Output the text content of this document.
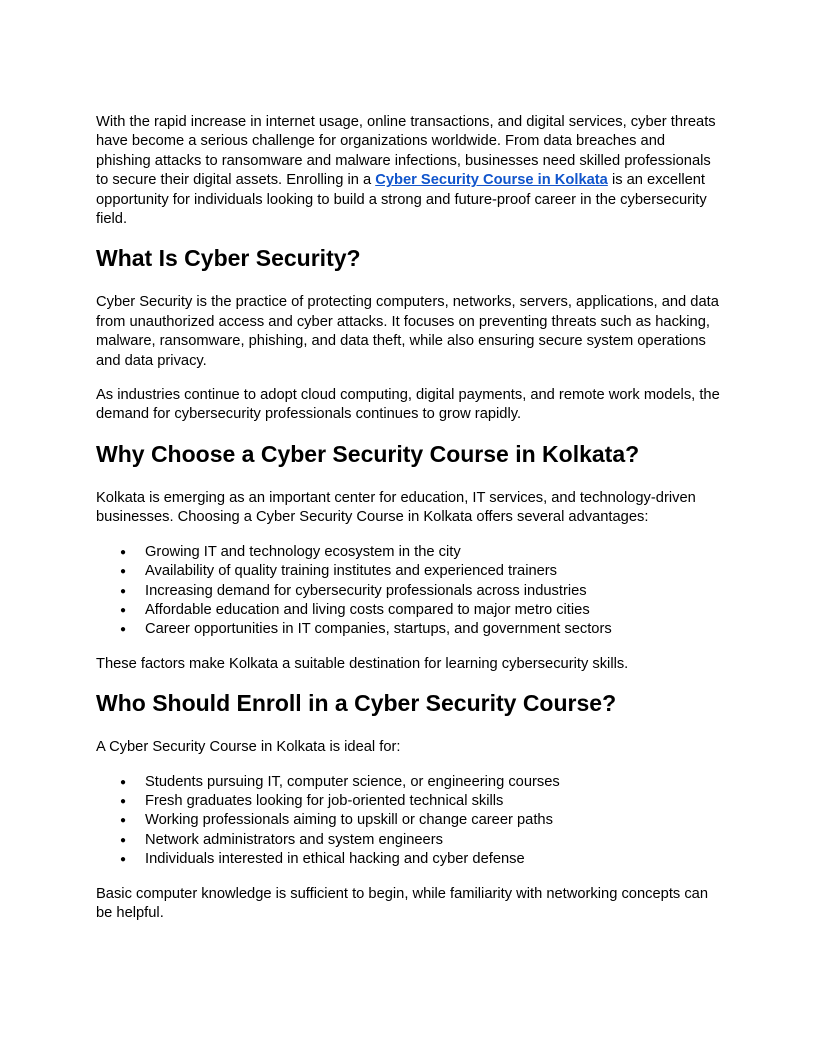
With the rapid increase in internet usage, online transactions, and digital services, cyber threats have become a serious challenge for organizations worldwide. From data breaches and phishing attacks to ransomware and malware infections, businesses need skilled professionals to secure their digital assets. Enrolling in a Cyber Security Course in Kolkata is an excellent opportunity for individuals looking to build a strong and future-proof career in the cybersecurity field.

What Is Cyber Security?

Cyber Security is the practice of protecting computers, networks, servers, applications, and data from unauthorized access and cyber attacks. It focuses on preventing threats such as hacking, malware, ransomware, phishing, and data theft, while also ensuring secure system operations and data privacy.

As industries continue to adopt cloud computing, digital payments, and remote work models, the demand for cybersecurity professionals continues to grow rapidly.

Why Choose a Cyber Security Course in Kolkata?

Kolkata is emerging as an important center for education, IT services, and technology-driven businesses. Choosing a Cyber Security Course in Kolkata offers several advantages:

● Growing IT and technology ecosystem in the city
● Availability of quality training institutes and experienced trainers
● Increasing demand for cybersecurity professionals across industries
● Affordable education and living costs compared to major metro cities
● Career opportunities in IT companies, startups, and government sectors

These factors make Kolkata a suitable destination for learning cybersecurity skills.

Who Should Enroll in a Cyber Security Course?

A Cyber Security Course in Kolkata is ideal for:

● Students pursuing IT, computer science, or engineering courses
● Fresh graduates looking for job-oriented technical skills
● Working professionals aiming to upskill or change career paths
● Network administrators and system engineers
● Individuals interested in ethical hacking and cyber defense

Basic computer knowledge is sufficient to begin, while familiarity with networking concepts can be helpful.
